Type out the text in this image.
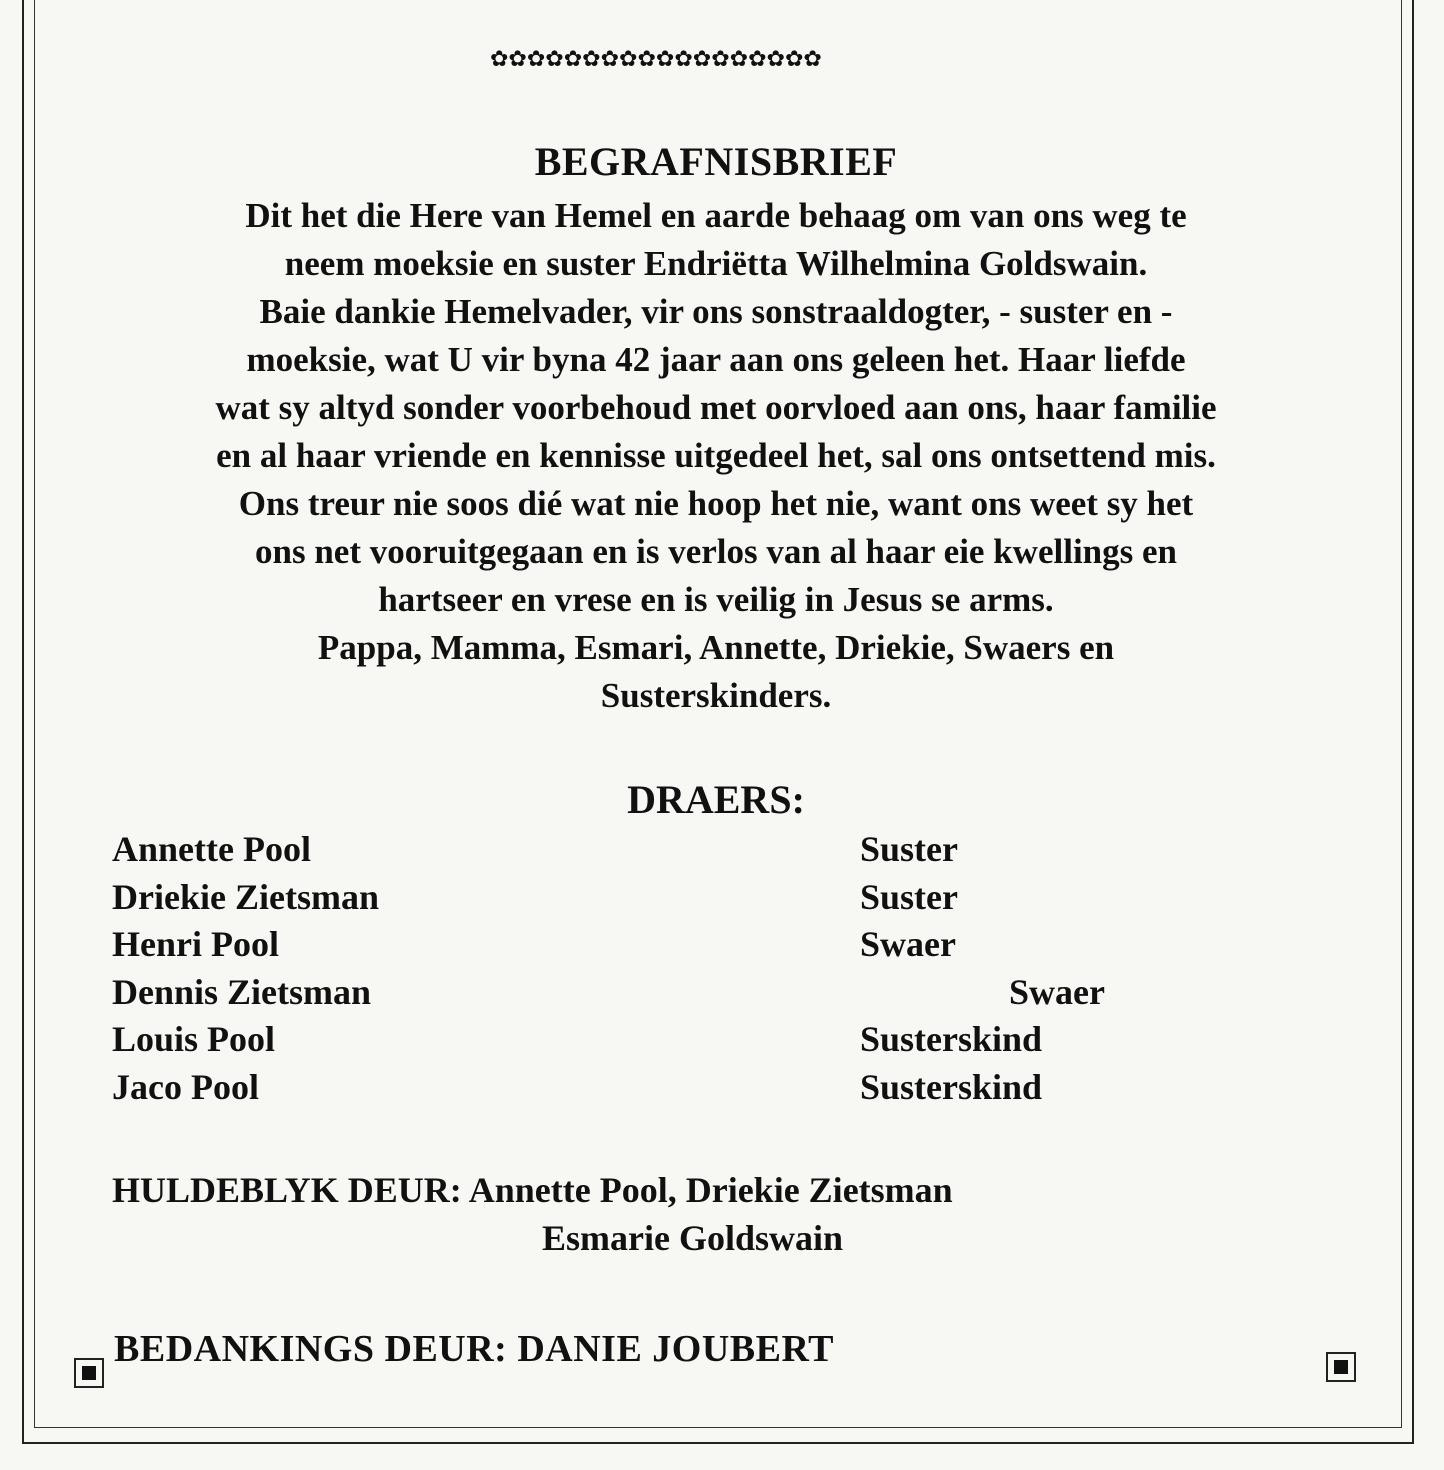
✿✿✿✿✿✿✿✿✿✿✿✿✿✿✿✿✿✿
BEGRAFNISBRIEF
Dit het die Here van Hemel en aarde behaag om van ons weg te
neem moeksie en suster Endriëtta Wilhelmina Goldswain.
Baie dankie Hemelvader, vir ons sonstraaldogter, - suster en -
moeksie, wat U vir byna 42 jaar aan ons geleen het. Haar liefde
wat sy altyd sonder voorbehoud met oorvloed aan ons, haar familie
en al haar vriende en kennisse uitgedeel het, sal ons ontsettend mis.
Ons treur nie soos dié wat nie hoop het nie, want ons weet sy het
ons net vooruitgegaan en is verlos van al haar eie kwellings en
hartseer en vrese en is veilig in Jesus se arms.
Pappa, Mamma, Esmari, Annette, Driekie, Swaers en
Susterskinders.
DRAERS:
Annette Pool	Suster
Driekie Zietsman	Suster
Henri Pool	Swaer
Dennis Zietsman	Swaer
Louis Pool	Susterskind
Jaco Pool	Susterskind
HULDEBLYK DEUR: Annette Pool, Driekie Zietsman
Esmarie Goldswain
BEDANKINGS DEUR: DANIE JOUBERT
